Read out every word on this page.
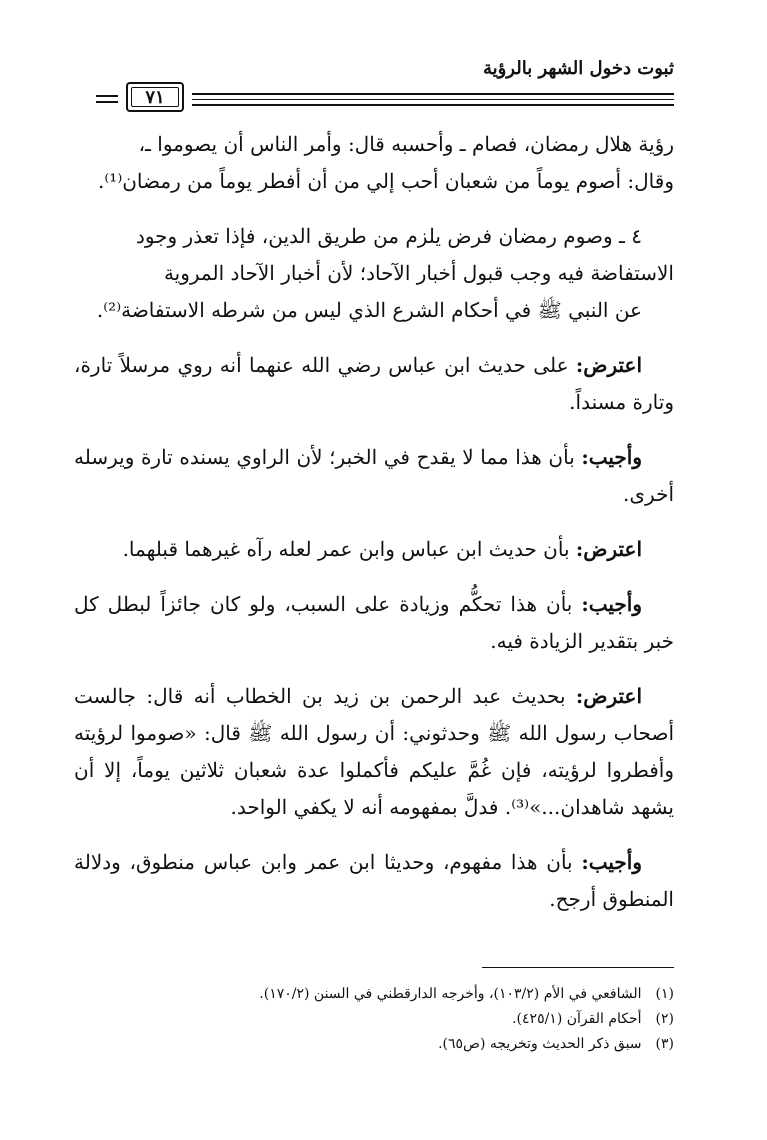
ثبوت دخول الشهر بالرؤية
٧١

رؤية هلال رمضان، فصام ـ وأحسبه قال: وأمر الناس أن يصوموا ـ،
وقال: أصوم يوماً من شعبان أحب إلي من أن أفطر يوماً من رمضان⁽¹⁾.

٤ ـ وصوم رمضان فرض يلزم من طريق الدين، فإذا تعذر وجود
الاستفاضة فيه وجب قبول أخبار الآحاد؛ لأن أخبار الآحاد المروية
عن النبي ﷺ في أحكام الشرع الذي ليس من شرطه الاستفاضة⁽²⁾.

اعترض: على حديث ابن عباس رضي الله عنهما أنه روي مرسلاً تارة، وتارة مسنداً.

وأجيب: بأن هذا مما لا يقدح في الخبر؛ لأن الراوي يسنده تارة ويرسله أخرى.

اعترض: بأن حديث ابن عباس وابن عمر لعله رآه غيرهما قبلهما.

وأجيب: بأن هذا تحكُّم وزيادة على السبب، ولو كان جائزاً لبطل كل خبر بتقدير الزيادة فيه.

اعترض: بحديث عبد الرحمن بن زيد بن الخطاب أنه قال: جالست أصحاب رسول الله ﷺ وحدثوني: أن رسول الله ﷺ قال: «صوموا لرؤيته وأفطروا لرؤيته، فإن غُمَّ عليكم فأكملوا عدة شعبان ثلاثين يوماً، إلا أن يشهد شاهدان...»⁽³⁾. فدلَّ بمفهومه أنه لا يكفي الواحد.

وأجيب: بأن هذا مفهوم، وحديثا ابن عمر وابن عباس منطوق، ودلالة المنطوق أرجح.

(١) الشافعي في الأم (١٠٣/٢)، وأخرجه الدارقطني في السنن (١٧٠/٢).
(٢) أحكام القرآن (٤٢٥/١).
(٣) سبق ذكر الحديث وتخريجه (ص٦٥).
